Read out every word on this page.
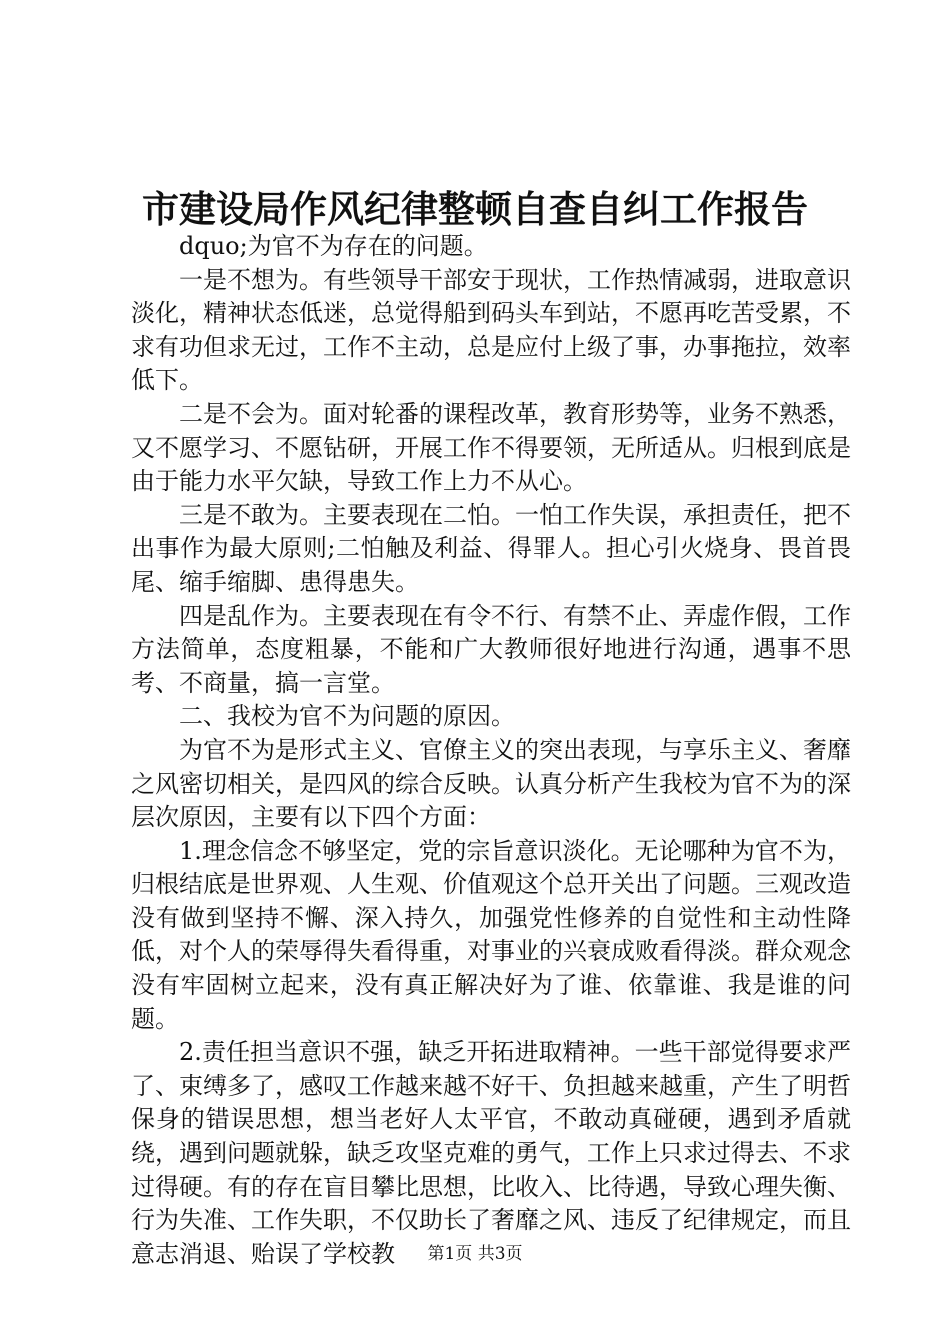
市建设局作风纪律整顿自查自纠工作报告

dquo;为官不为存在的问题。

一是不想为。有些领导干部安于现状，工作热情减弱，进取意识淡化，精神状态低迷，总觉得船到码头车到站，不愿再吃苦受累，不求有功但求无过，工作不主动，总是应付上级了事，办事拖拉，效率低下。

二是不会为。面对轮番的课程改革，教育形势等，业务不熟悉，又不愿学习、不愿钻研，开展工作不得要领，无所适从。归根到底是由于能力水平欠缺，导致工作上力不从心。

三是不敢为。主要表现在二怕。一怕工作失误，承担责任，把不出事作为最大原则;二怕触及利益、得罪人。担心引火烧身、畏首畏尾、缩手缩脚、患得患失。

四是乱作为。主要表现在有令不行、有禁不止、弄虚作假，工作方法简单，态度粗暴，不能和广大教师很好地进行沟通，遇事不思考、不商量，搞一言堂。

二、我校为官不为问题的原因。

为官不为是形式主义、官僚主义的突出表现，与享乐主义、奢靡之风密切相关，是四风的综合反映。认真分析产生我校为官不为的深层次原因，主要有以下四个方面：

1.理念信念不够坚定，党的宗旨意识淡化。无论哪种为官不为，归根结底是世界观、人生观、价值观这个总开关出了问题。三观改造没有做到坚持不懈、深入持久，加强党性修养的自觉性和主动性降低，对个人的荣辱得失看得重，对事业的兴衰成败看得淡。群众观念没有牢固树立起来，没有真正解决好为了谁、依靠谁、我是谁的问题。

2.责任担当意识不强，缺乏开拓进取精神。一些干部觉得要求严了、束缚多了，感叹工作越来越不好干、负担越来越重，产生了明哲保身的错误思想，想当老好人太平官，不敢动真碰硬，遇到矛盾就绕，遇到问题就躲，缺乏攻坚克难的勇气，工作上只求过得去、不求过得硬。有的存在盲目攀比思想，比收入、比待遇，导致心理失衡、行为失准、工作失职，不仅助长了奢靡之风、违反了纪律规定，而且意志消退、贻误了学校教	第1页 共3页
